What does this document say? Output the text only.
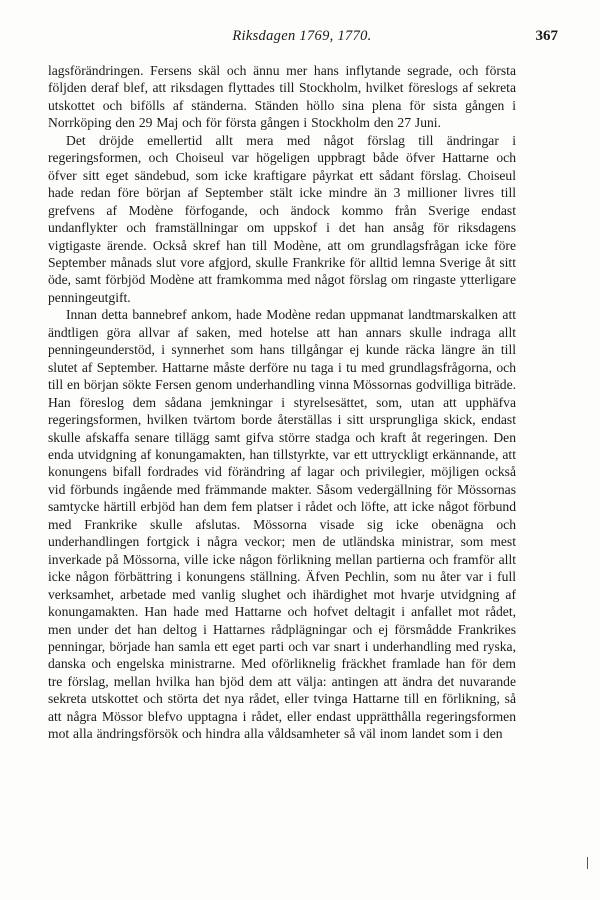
Riksdagen 1769, 1770.	367

lagsförändringen. Fersens skäl och ännu mer hans inflytande segrade, och första följden deraf blef, att riksdagen flyttades till Stockholm, hvilket föreslogs af sekreta utskottet och bifölls af ständerna. Ständen höllo sina plena för sista gången i Norrköping den 29 Maj och för första gången i Stockholm den 27 Juni.

Det dröjde emellertid allt mera med något förslag till ändringar i regeringsformen, och Choiseul var högeligen uppbragt både öfver Hattarne och öfver sitt eget sändebud, som icke kraftigare påyrkat ett sådant förslag. Choiseul hade redan före början af September stält icke mindre än 3 millioner livres till grefvens af Modène förfogande, och ändock kommo från Sverige endast undanflykter och framställningar om uppskof i det han ansåg för riksdagens vigtigaste ärende. Också skref han till Modène, att om grundlagsfrågan icke före September månads slut vore afgjord, skulle Frankrike för alltid lemna Sverige åt sitt öde, samt förbjöd Modène att framkomma med något förslag om ringaste ytterligare penningeutgift.

Innan detta bannebref ankom, hade Modène redan uppmanat landtmarskalken att ändtligen göra allvar af saken, med hotelse att han annars skulle indraga allt penningeunderstöd, i synnerhet som hans tillgångar ej kunde räcka längre än till slutet af September. Hattarne måste derföre nu taga i tu med grundlagsfrågorna, och till en början sökte Fersen genom underhandling vinna Mössornas godvilliga biträde. Han föreslog dem sådana jemkningar i styrelsesättet, som, utan att upphäfva regeringsformen, hvilken tvärtom borde återställas i sitt ursprungliga skick, endast skulle afskaffa senare tillägg samt gifva större stadga och kraft åt regeringen. Den enda utvidgning af konungamakten, han tillstyrkte, var ett uttryckligt erkännande, att konungens bifall fordrades vid förändring af lagar och privilegier, möjligen också vid förbunds ingående med främmande makter. Såsom vedergällning för Mössornas samtycke härtill erbjöd han dem fem platser i rådet och löfte, att icke något förbund med Frankrike skulle afslutas. Mössorna visade sig icke obenägna och underhandlingen fortgick i några veckor; men de utländska ministrar, som mest inverkade på Mössorna, ville icke någon förlikning mellan partierna och framför allt icke någon förbättring i konungens ställning. Äfven Pechlin, som nu åter var i full verksamhet, arbetade med vanlig slughet och ihärdighet mot hvarje utvidgning af konungamakten. Han hade med Hattarne och hofvet deltagit i anfallet mot rådet, men under det han deltog i Hattarnes rådplägningar och ej försmådde Frankrikes penningar, började han samla ett eget parti och var snart i underhandling med ryska, danska och engelska ministrarne. Med oförliknelig fräckhet framlade han för dem tre förslag, mellan hvilka han bjöd dem att välja: antingen att ändra det nuvarande sekreta utskottet och störta det nya rådet, eller tvinga Hattarne till en förlikning, så att några Mössor blefvo upptagna i rådet, eller endast upprätthålla regeringsformen mot alla ändringsförsök och hindra alla våldsamheter så väl inom landet som i den
